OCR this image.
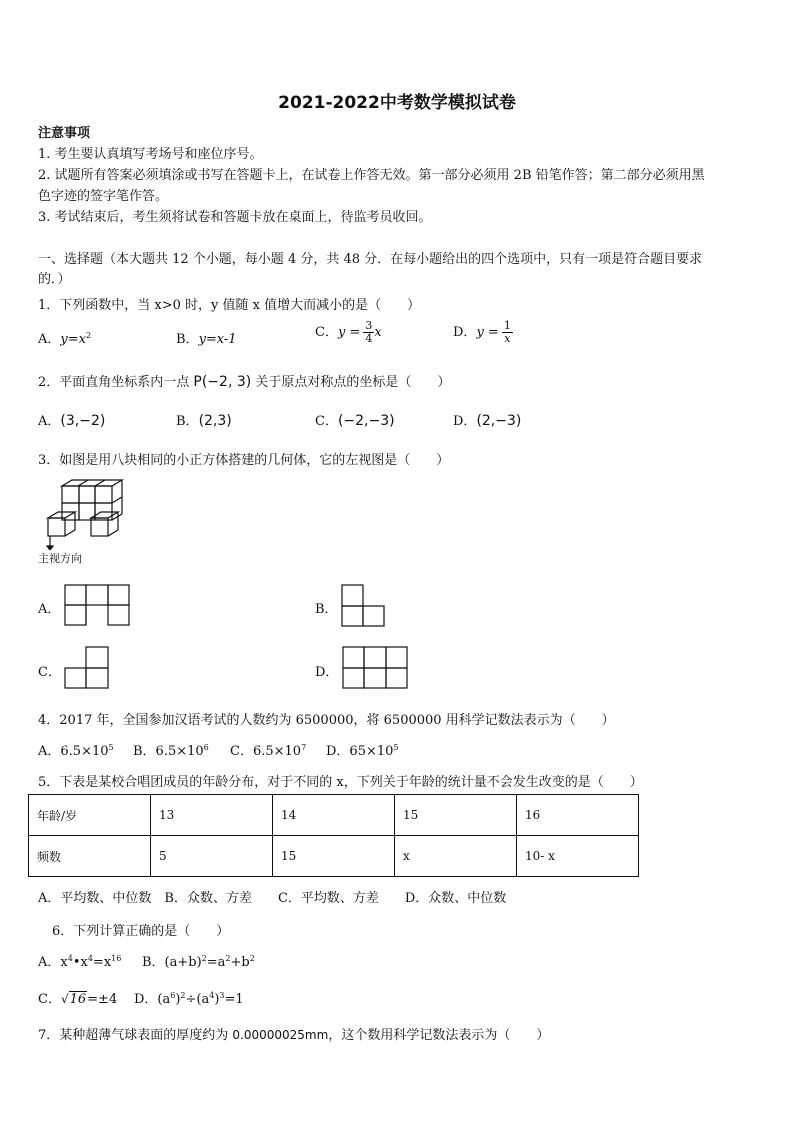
2021-2022中考数学模拟试卷
注意事项
1. 考生要认真填写考场号和座位序号。
2. 试题所有答案必须填涂或书写在答题卡上，在试卷上作答无效。第一部分必须用 2B 铅笔作答；第二部分必须用黑
色字迹的签字笔作答。
3. 考试结束后，考生须将试卷和答题卡放在桌面上，待监考员收回。
一、选择题（本大题共 12 个小题，每小题 4 分，共 48 分．在每小题给出的四个选项中，只有一项是符合题目要求
的．）
1．下列函数中，当 x>0 时，y 值随 x 值增大而减小的是（　　）
A．$y=x^2$	B．y=x-1	C．$y = \frac{3}{4}$ x	D．$y = \frac{1}{x}$
2．平面直角坐标系内一点 P(−2, 3) 关于原点对称点的坐标是（　　）
A．(3,−2)	B．(2,3)	C．(−2,−3)	D．(2,−3)
3．如图是用八块相同的小正方体搭建的几何体，它的左视图是（　　）
主视方向
A．	B．
C．	D．
4．2017 年，全国参加汉语考试的人数约为 6500000，将 6500000 用科学记数法表示为（　　）
A．$6.5\times 10^5$ B．$6.5\times 10^6$ C．$6.5\times 10^7$ D．$65\times 10^5$
5．下表是某校合唱团成员的年龄分布，对于不同的 x，下列关于年龄的统计量不会发生改变的是（　　）
年龄/岁	13	14	15	16
频数	5	15	x	10- x
A．平均数、中位数　B．众数、方差　　C．平均数、方差　　D．众数、中位数
6．下列计算正确的是（　　）
A．$x^4•x^4=x^{16}$ B．$(a+b)^2=a^2+b^2$
C．√16=±4 D．$(a^6)^2\div(a^4)^3=1$
7．某种超薄气球表面的厚度约为 0.00000025mm，这个数用科学记数法表示为（　　）
